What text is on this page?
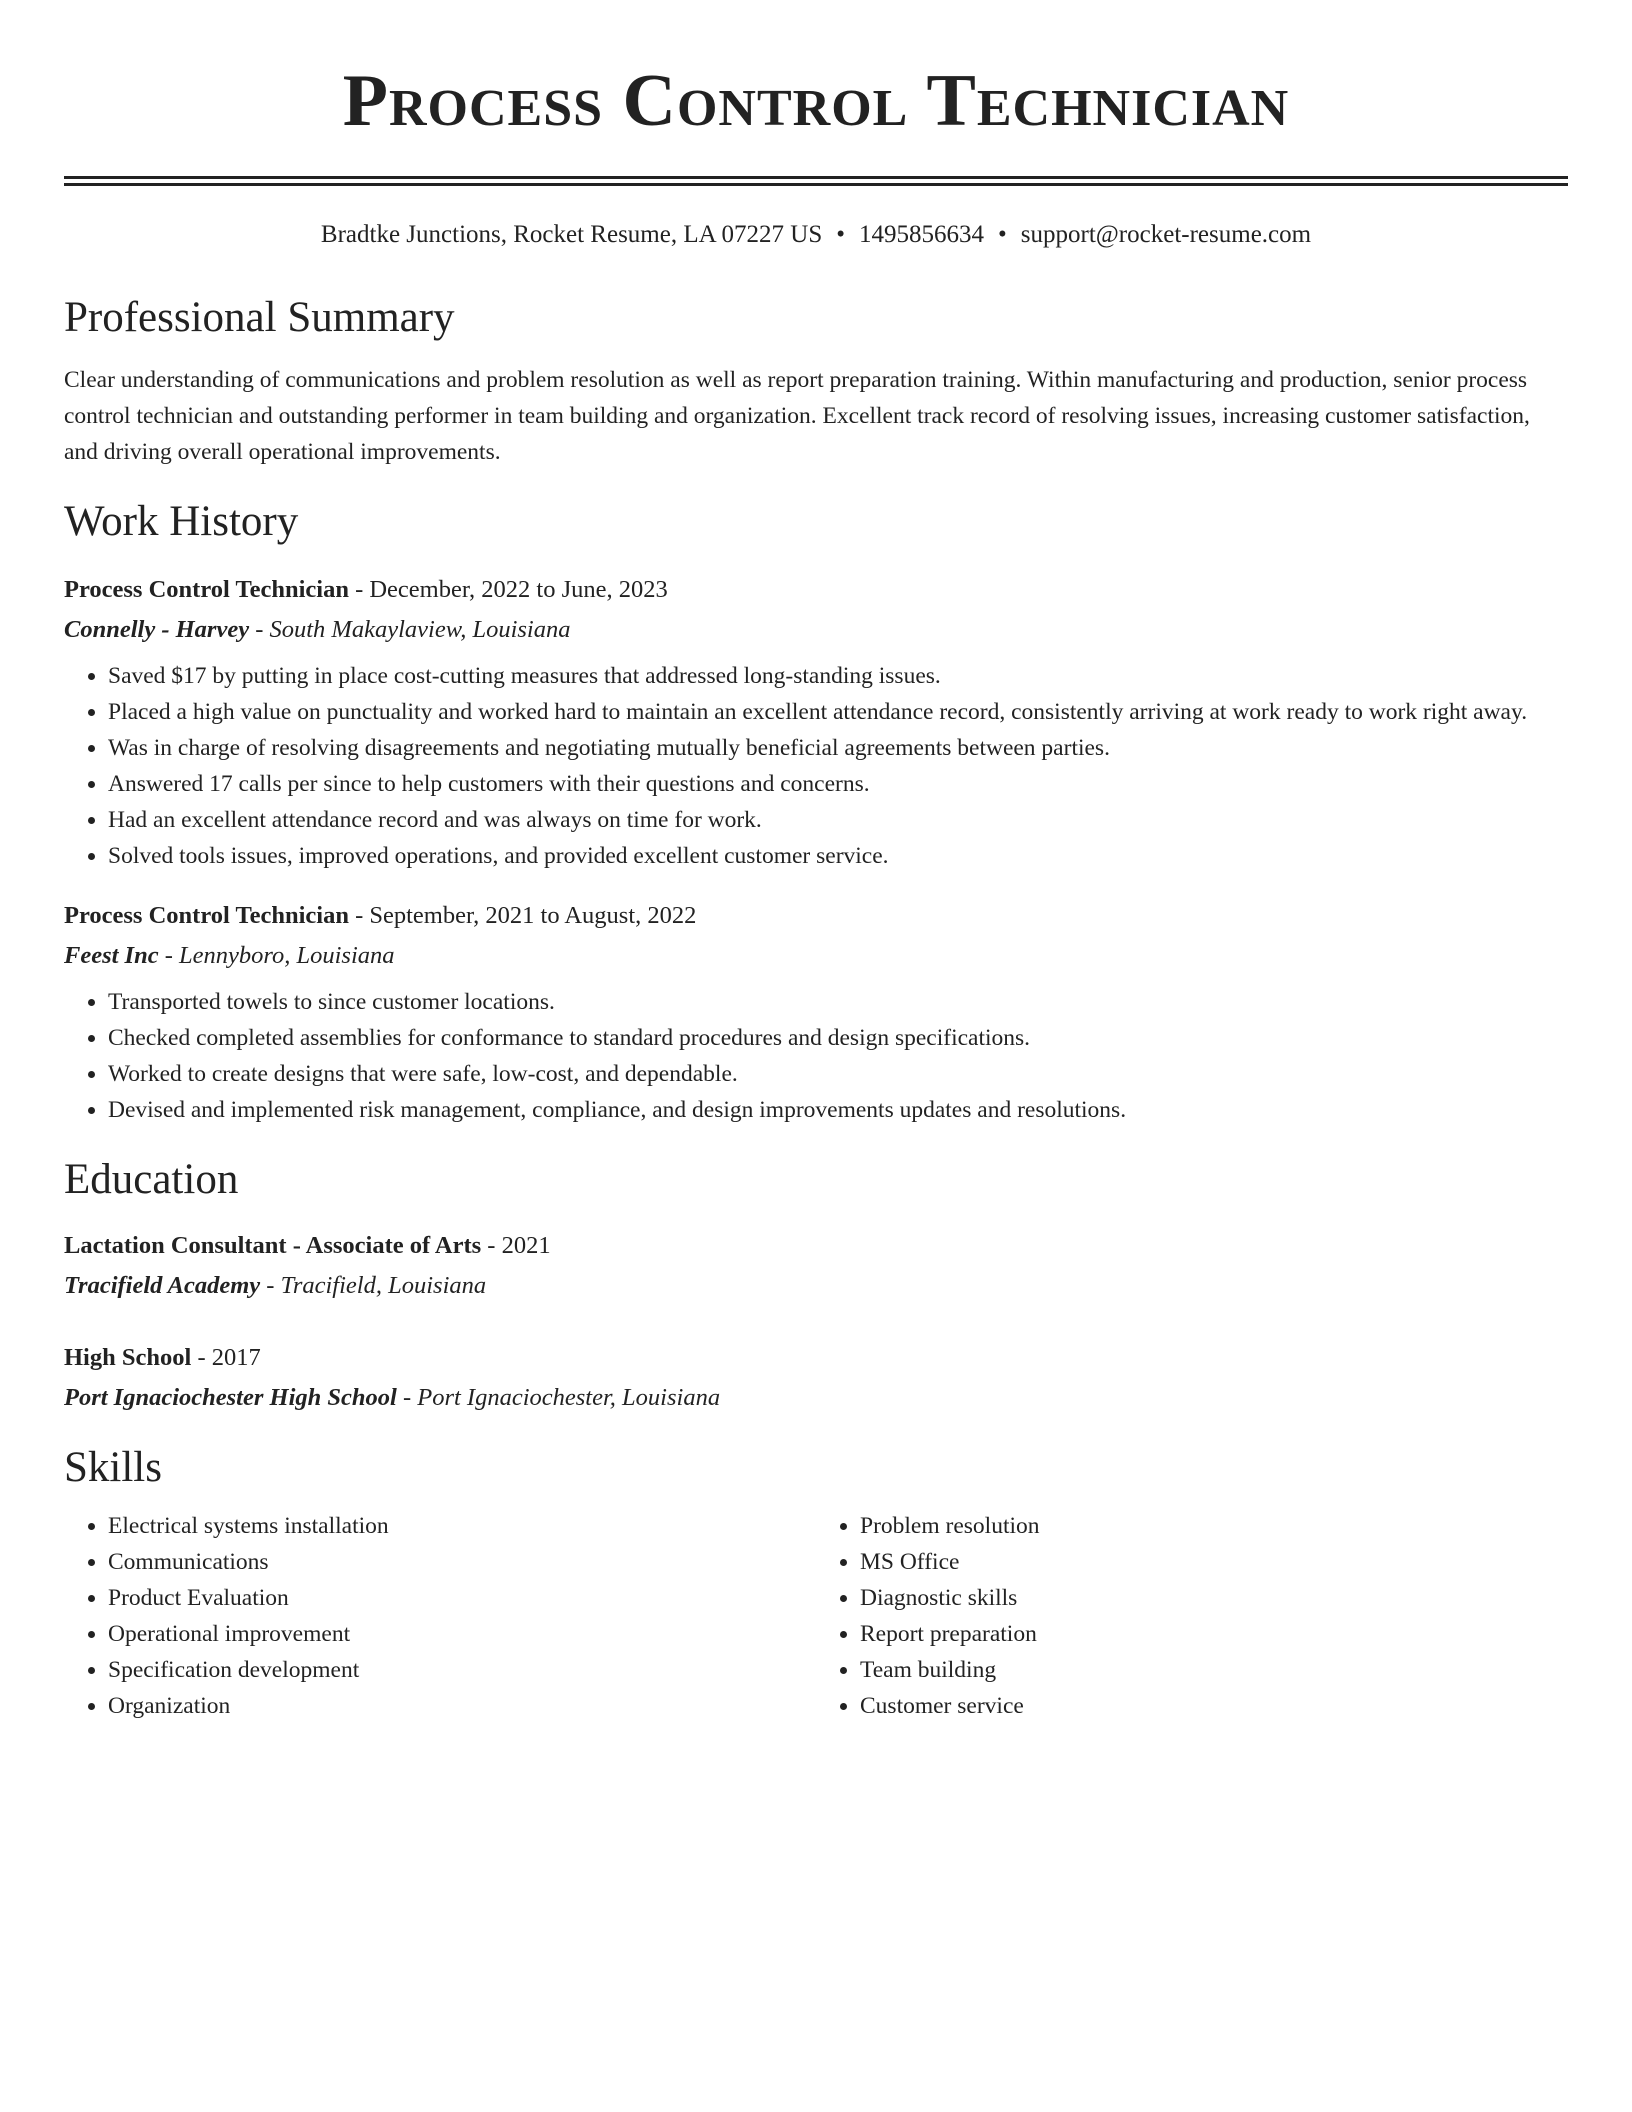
Process Control Technician
Bradtke Junctions, Rocket Resume, LA 07227 US • 1495856634 • support@rocket-resume.com
Professional Summary
Clear understanding of communications and problem resolution as well as report preparation training. Within manufacturing and production, senior process control technician and outstanding performer in team building and organization. Excellent track record of resolving issues, increasing customer satisfaction, and driving overall operational improvements.
Work History
Process Control Technician - December, 2022 to June, 2023
Connelly - Harvey - South Makaylaview, Louisiana
• Saved $17 by putting in place cost-cutting measures that addressed long-standing issues.
• Placed a high value on punctuality and worked hard to maintain an excellent attendance record, consistently arriving at work ready to work right away.
• Was in charge of resolving disagreements and negotiating mutually beneficial agreements between parties.
• Answered 17 calls per since to help customers with their questions and concerns.
• Had an excellent attendance record and was always on time for work.
• Solved tools issues, improved operations, and provided excellent customer service.
Process Control Technician - September, 2021 to August, 2022
Feest Inc - Lennyboro, Louisiana
• Transported towels to since customer locations.
• Checked completed assemblies for conformance to standard procedures and design specifications.
• Worked to create designs that were safe, low-cost, and dependable.
• Devised and implemented risk management, compliance, and design improvements updates and resolutions.
Education
Lactation Consultant - Associate of Arts - 2021
Tracifield Academy - Tracifield, Louisiana
High School - 2017
Port Ignaciochester High School - Port Ignaciochester, Louisiana
Skills
• Electrical systems installation
• Communications
• Product Evaluation
• Operational improvement
• Specification development
• Organization
• Problem resolution
• MS Office
• Diagnostic skills
• Report preparation
• Team building
• Customer service
